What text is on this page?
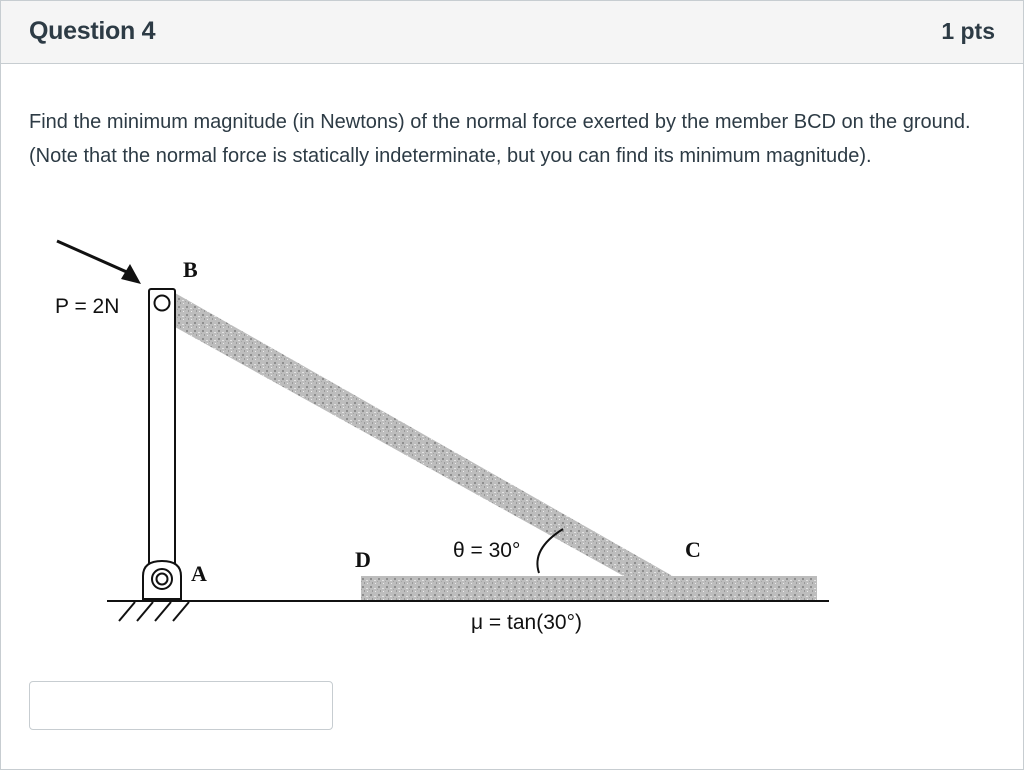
Question 4	1 pts
Find the minimum magnitude (in Newtons) of the normal force exerted by the member BCD on the ground. (Note that the normal force is statically indeterminate, but you can find its minimum magnitude).
B
A
D	C
P = 2N
θ = 30°
μ = tan(30°)
